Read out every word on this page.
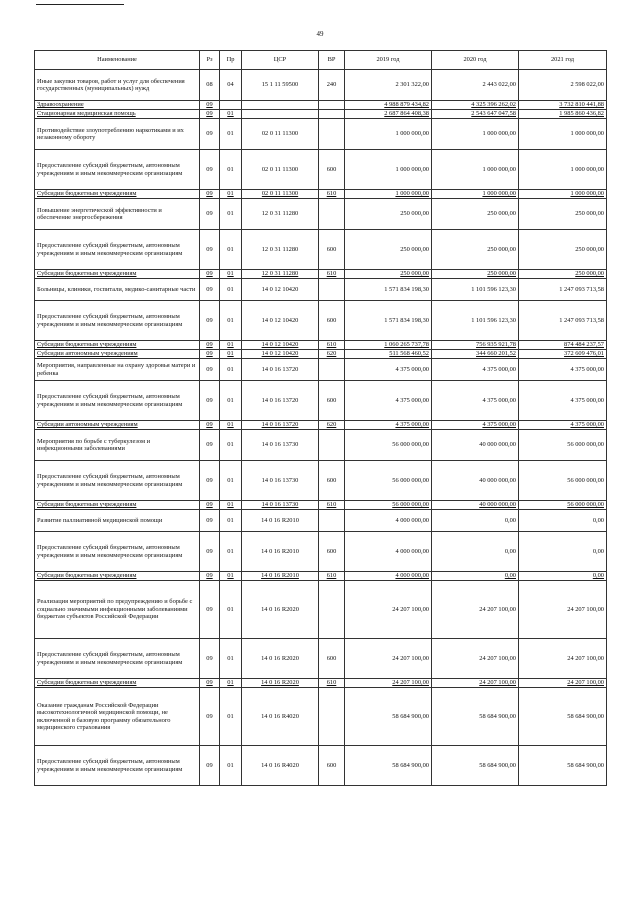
49
Наименование	Рз	Пр	ЦСР	ВР	2019 год	2020 год	2021 год
Иные закупки товаров, работ и услуг для обеспечения государственных (муниципальных) нужд	08	04	15 1 11 59500	240	2 301 322,00	2 443 022,00	2 598 022,00
Здравоохранение	09				4 988 879 434,82	4 325 396 262,02	3 732 810 441,88
Стационарная медицинская помощь	09	01			2 687 864 408,38	2 543 647 047,58	1 985 860 436,82
Противодействие злоупотреблению наркотиками и их незаконному обороту	09	01	02 0 11 11300		1 000 000,00	1 000 000,00	1 000 000,00
Предоставление субсидий бюджетным, автономным учреждениям и иным некоммерческим организациям	09	01	02 0 11 11300	600	1 000 000,00	1 000 000,00	1 000 000,00
Субсидии бюджетным учреждениям	09	01	02 0 11 11300	610	1 000 000,00	1 000 000,00	1 000 000,00
Повышение энергетической эффективности и обеспечение энергосбережения	09	01	12 0 31 11280		250 000,00	250 000,00	250 000,00
Предоставление субсидий бюджетным, автономным учреждениям и иным некоммерческим организациям	09	01	12 0 31 11280	600	250 000,00	250 000,00	250 000,00
Субсидии бюджетным учреждениям	09	01	12 0 31 11280	610	250 000,00	250 000,00	250 000,00
Больницы, клиники, госпитали, медико-санитарные части	09	01	14 0 12 10420		1 571 834 198,30	1 101 596 123,30	1 247 093 713,58
Предоставление субсидий бюджетным, автономным учреждениям и иным некоммерческим организациям	09	01	14 0 12 10420	600	1 571 834 198,30	1 101 596 123,30	1 247 093 713,58
Субсидии бюджетным учреждениям	09	01	14 0 12 10420	610	1 060 265 737,78	756 935 921,78	874 484 237,57
Субсидии автономным учреждениям	09	01	14 0 12 10420	620	511 568 460,52	344 660 201,52	372 609 476,01
Мероприятия, направленные на охрану здоровья матери и ребенка	09	01	14 0 16 13720		4 375 000,00	4 375 000,00	4 375 000,00
Предоставление субсидий бюджетным, автономным учреждениям и иным некоммерческим организациям	09	01	14 0 16 13720	600	4 375 000,00	4 375 000,00	4 375 000,00
Субсидии автономным учреждениям	09	01	14 0 16 13720	620	4 375 000,00	4 375 000,00	4 375 000,00
Мероприятия по борьбе с туберкулезом и инфекционными заболеваниями	09	01	14 0 16 13730		56 000 000,00	40 000 000,00	56 000 000,00
Предоставление субсидий бюджетным, автономным учреждениям и иным некоммерческим организациям	09	01	14 0 16 13730	600	56 000 000,00	40 000 000,00	56 000 000,00
Субсидии бюджетным учреждениям	09	01	14 0 16 13730	610	56 000 000,00	40 000 000,00	56 000 000,00
Развитие паллиативной медицинской помощи	09	01	14 0 16 R2010		4 000 000,00	0,00	0,00
Предоставление субсидий бюджетным, автономным учреждениям и иным некоммерческим организациям	09	01	14 0 16 R2010	600	4 000 000,00	0,00	0,00
Субсидии бюджетным учреждениям	09	01	14 0 16 R2010	610	4 000 000,00	0,00	0,00
Реализация мероприятий по предупреждению и борьбе с социально значимыми инфекционными заболеваниями бюджетам субъектов Российской Федерации	09	01	14 0 16 R2020		24 207 100,00	24 207 100,00	24 207 100,00
Предоставление субсидий бюджетным, автономным учреждениям и иным некоммерческим организациям	09	01	14 0 16 R2020	600	24 207 100,00	24 207 100,00	24 207 100,00
Субсидии бюджетным учреждениям	09	01	14 0 16 R2020	610	24 207 100,00	24 207 100,00	24 207 100,00
Оказание гражданам Российской Федерации высокотехнологичной медицинской помощи, не включенной в базовую программу обязательного медицинского страхования	09	01	14 0 16 R4020		58 684 900,00	58 684 900,00	58 684 900,00
Предоставление субсидий бюджетным, автономным учреждениям и иным некоммерческим организациям	09	01	14 0 16 R4020	600	58 684 900,00	58 684 900,00	58 684 900,00
